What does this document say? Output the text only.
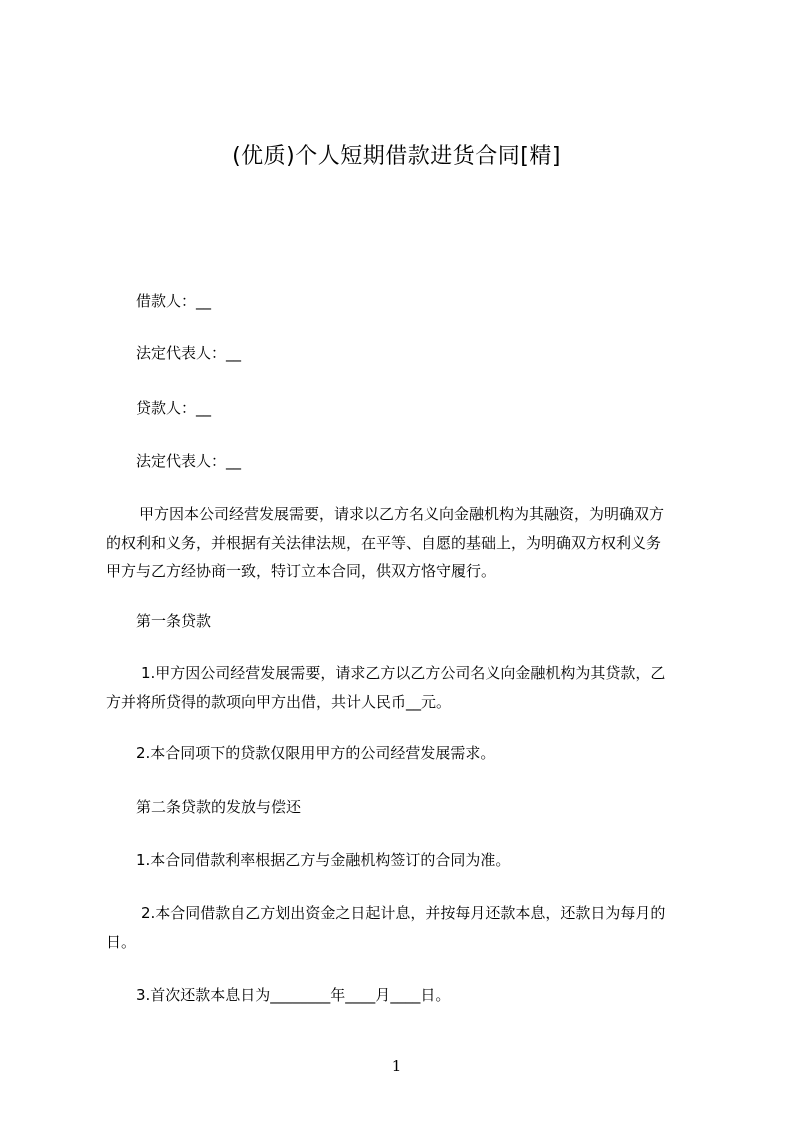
(优质)个人短期借款进货合同[精]

借款人：__

法定代表人：__

贷款人：__

法定代表人：__

甲方因本公司经营发展需要，请求以乙方名义向金融机构为其融资，为明确双方

的权利和义务，并根据有关法律法规，在平等、自愿的基础上，为明确双方权利义务

甲方与乙方经协商一致，特订立本合同，供双方恪守履行。

第一条贷款

1.甲方因公司经营发展需要，请求乙方以乙方公司名义向金融机构为其贷款，乙

方并将所贷得的款项向甲方出借，共计人民币__元。

2.本合同项下的贷款仅限用甲方的公司经营发展需求。

第二条贷款的发放与偿还

1.本合同借款利率根据乙方与金融机构签订的合同为准。

2.本合同借款自乙方划出资金之日起计息，并按每月还款本息，还款日为每月的

日。

3.首次还款本息日为________年____月____日。

1
